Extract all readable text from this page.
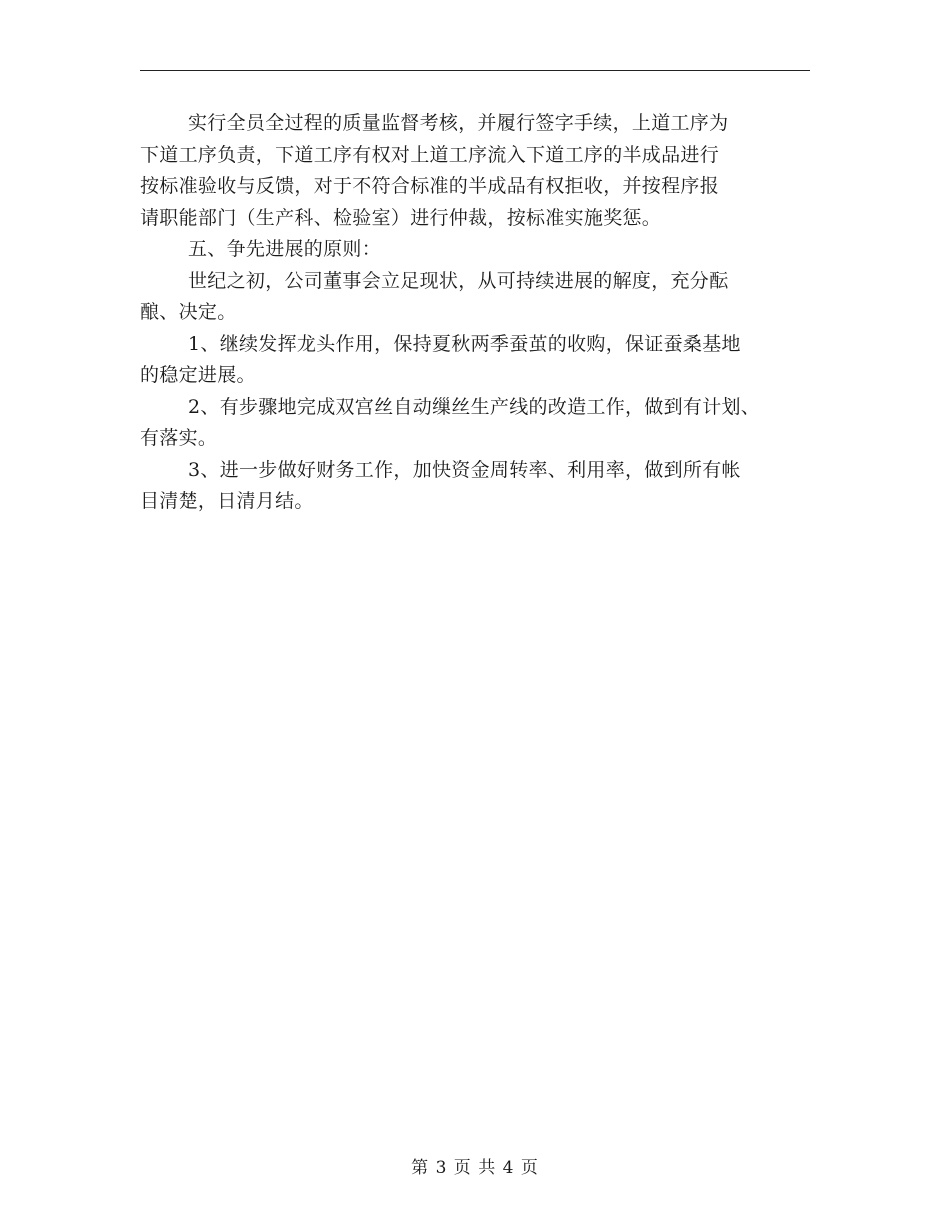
实行全员全过程的质量监督考核，并履行签字手续，上道工序为
下道工序负责，下道工序有权对上道工序流入下道工序的半成品进行
按标准验收与反馈，对于不符合标准的半成品有权拒收，并按程序报
请职能部门（生产科、检验室）进行仲裁，按标准实施奖惩。

五、争先进展的原则：

世纪之初，公司董事会立足现状，从可持续进展的解度，充分酝
酿、决定。

1、继续发挥龙头作用，保持夏秋两季蚕茧的收购，保证蚕桑基地
的稳定进展。

2、有步骤地完成双宫丝自动缫丝生产线的改造工作，做到有计划、
有落实。

3、进一步做好财务工作，加快资金周转率、利用率，做到所有帐
目清楚，日清月结。

第 3 页 共 4 页
